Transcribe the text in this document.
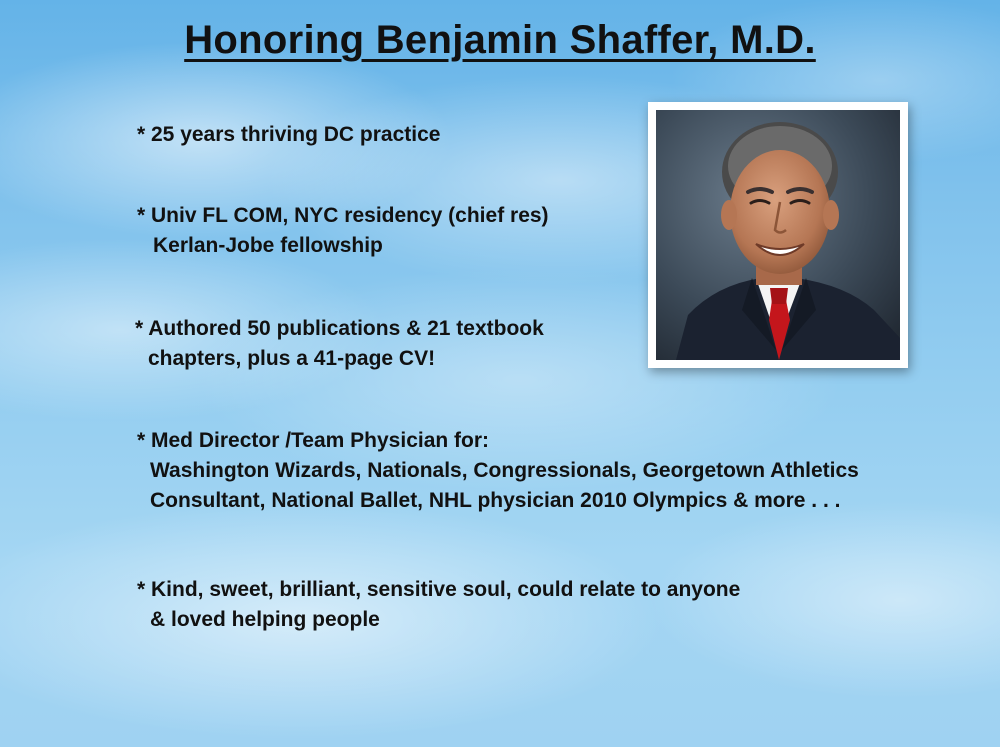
Honoring Benjamin Shaffer, M.D.
* 25 years thriving DC practice
* Univ FL COM, NYC residency (chief res)
Kerlan-Jobe fellowship
* Authored 50 publications & 21 textbook
chapters, plus a 41-page CV!
* Med Director /Team Physician for:
Washington Wizards, Nationals, Congressionals, Georgetown Athletics
Consultant, National Ballet, NHL physician 2010 Olympics & more . . .
* Kind, sweet, brilliant, sensitive soul, could relate to anyone
& loved helping people
